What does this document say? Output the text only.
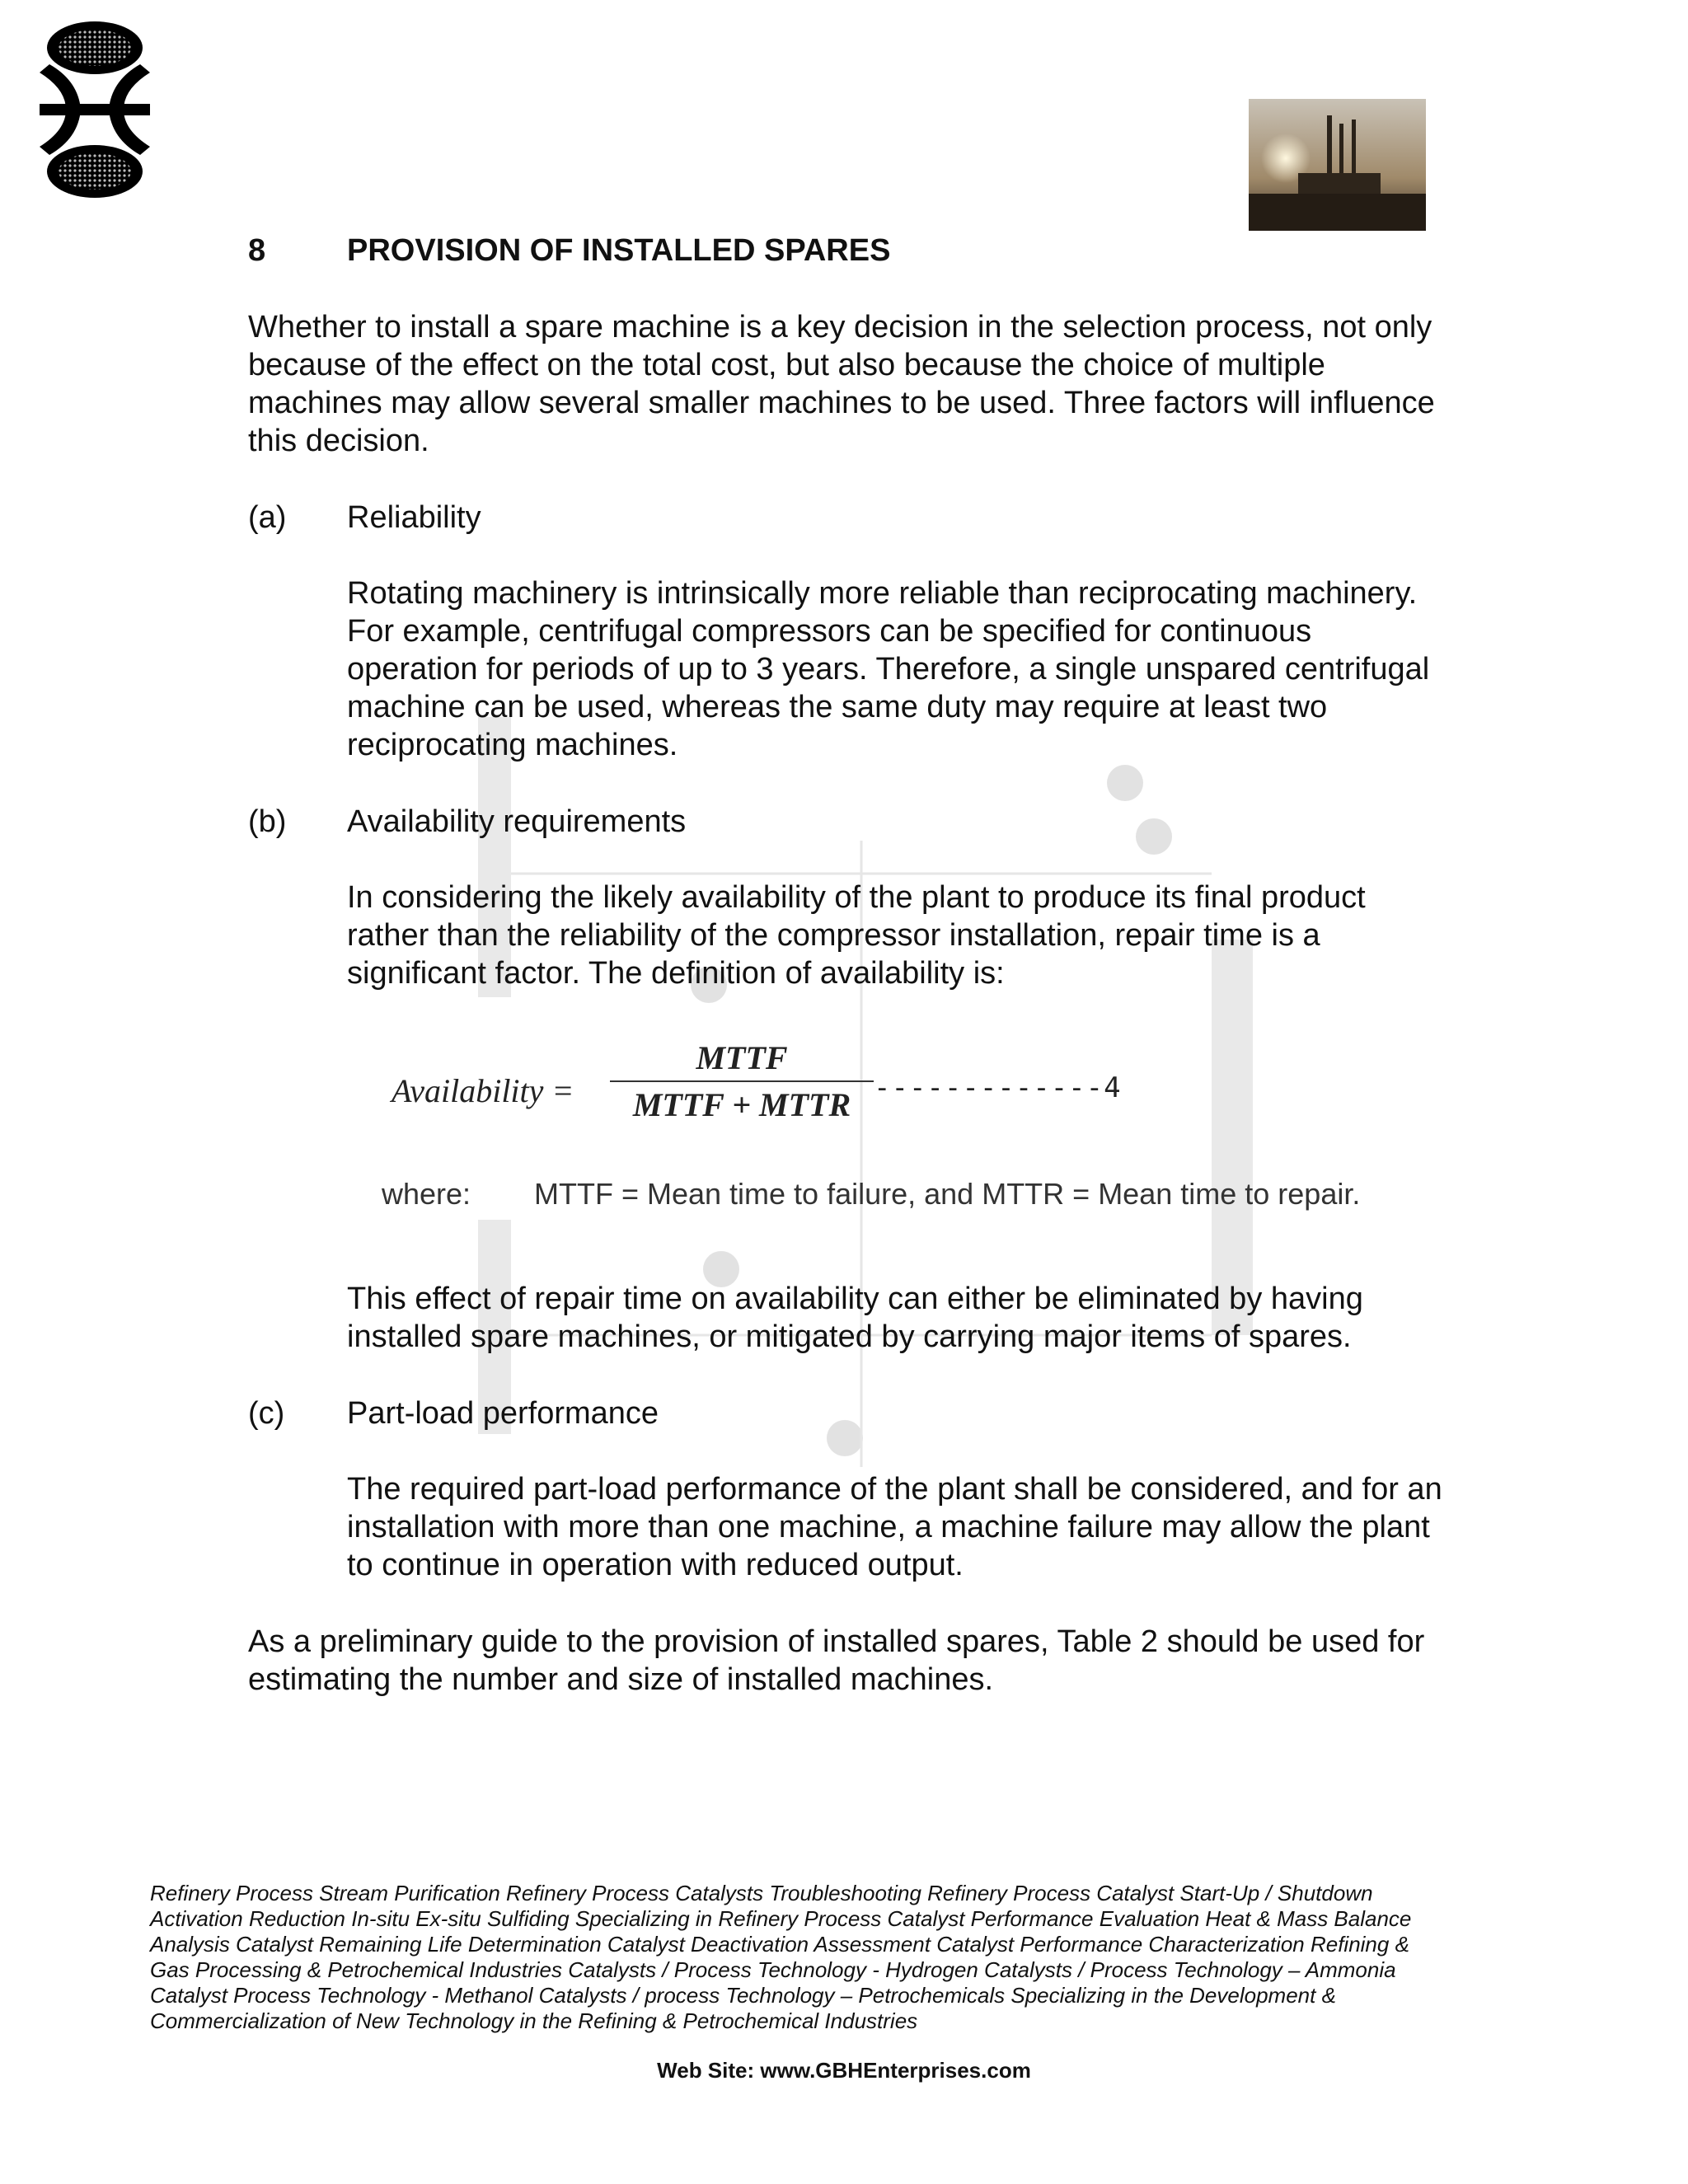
8	PROVISION OF INSTALLED SPARES
Whether to install a spare machine is a key decision in the selection process, not only because of the effect on the total cost, but also because the choice of multiple machines may allow several smaller machines to be used. Three factors will influence this decision.
(a) Reliability
Rotating machinery is intrinsically more reliable than reciprocating machinery. For example, centrifugal compressors can be specified for continuous operation for periods of up to 3 years. Therefore, a single unspared centrifugal machine can be used, whereas the same duty may require at least two reciprocating machines.
(b) Availability requirements
In considering the likely availability of the plant to produce its final product rather than the reliability of the compressor installation, repair time is a significant factor. The definition of availability is:
Availability =
MTTF
MTTF + MTTR -------------4
where: MTTF = Mean time to failure, and MTTR = Mean time to repair.
This effect of repair time on availability can either be eliminated by having installed spare machines, or mitigated by carrying major items of spares.
(c) Part-load performance
The required part-load performance of the plant shall be considered, and for an installation with more than one machine, a machine failure may allow the plant to continue in operation with reduced output.
As a preliminary guide to the provision of installed spares, Table 2 should be used for estimating the number and size of installed machines.
Refinery Process Stream Purification Refinery Process Catalysts Troubleshooting Refinery Process Catalyst Start-Up / Shutdown Activation Reduction In-situ Ex-situ Sulfiding Specializing in Refinery Process Catalyst Performance Evaluation Heat & Mass Balance Analysis Catalyst Remaining Life Determination Catalyst Deactivation Assessment Catalyst Performance Characterization Refining & Gas Processing & Petrochemical Industries Catalysts / Process Technology - Hydrogen Catalysts / Process Technology – Ammonia Catalyst Process Technology - Methanol Catalysts / process Technology – Petrochemicals Specializing in the Development & Commercialization of New Technology in the Refining & Petrochemical Industries
Web Site: www.GBHEnterprises.com
